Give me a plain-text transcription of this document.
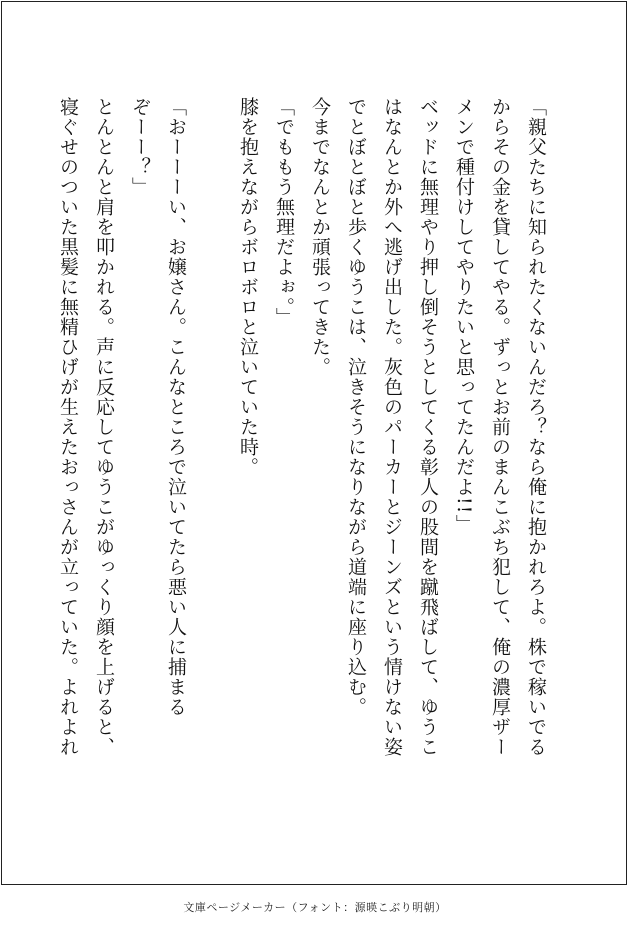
「親父たちに知られたくないんだろ？なら俺に抱かれろよ。株で稼いでる
からその金を貸してやる。ずっとお前のまんこぶち犯して、俺の濃厚ザー
メンで種付けしてやりたいと思ってたんだよ!!」
ベッドに無理やり押し倒そうとしてくる彰人の股間を蹴飛ばして、ゆうこ
はなんとか外へ逃げ出した。灰色のパーカーとジーンズという情けない姿
でとぼとぼと歩くゆうこは、泣きそうになりながら道端に座り込む。
今までなんとか頑張ってきた。
「でももう無理だよぉ。」
膝を抱えながらボロボロと泣いていた時。
「おーーーい、お嬢さん。こんなところで泣いてたら悪い人に捕まる
ぞーー？」
とんとんと肩を叩かれる。声に反応してゆうこがゆっくり顔を上げると、
寝ぐせのついた黒髪に無精ひげが生えたおっさんが立っていた。よれよれ
文庫ページメーカー（フォント：源暎こぶり明朝）
